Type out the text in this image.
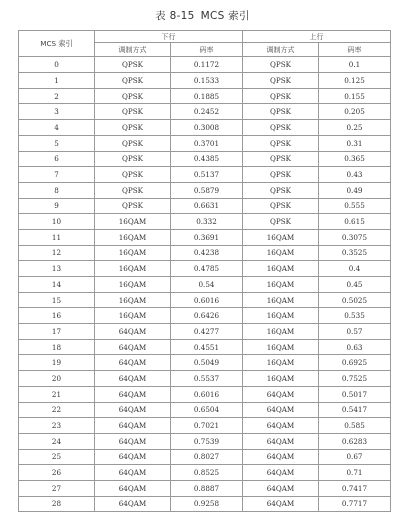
表 8-15 MCS 索引
MCS 索引	下行		上行	
	调制方式	码率	调制方式	码率
0	QPSK	0.1172	QPSK	0.1
1	QPSK	0.1533	QPSK	0.125
2	QPSK	0.1885	QPSK	0.155
3	QPSK	0.2452	QPSK	0.205
4	QPSK	0.3008	QPSK	0.25
5	QPSK	0.3701	QPSK	0.31
6	QPSK	0.4385	QPSK	0.365
7	QPSK	0.5137	QPSK	0.43
8	QPSK	0.5879	QPSK	0.49
9	QPSK	0.6631	QPSK	0.555
10	16QAM	0.332	QPSK	0.615
11	16QAM	0.3691	16QAM	0.3075
12	16QAM	0.4238	16QAM	0.3525
13	16QAM	0.4785	16QAM	0.4
14	16QAM	0.54	16QAM	0.45
15	16QAM	0.6016	16QAM	0.5025
16	16QAM	0.6426	16QAM	0.535
17	64QAM	0.4277	16QAM	0.57
18	64QAM	0.4551	16QAM	0.63
19	64QAM	0.5049	16QAM	0.6925
20	64QAM	0.5537	16QAM	0.7525
21	64QAM	0.6016	64QAM	0.5017
22	64QAM	0.6504	64QAM	0.5417
23	64QAM	0.7021	64QAM	0.585
24	64QAM	0.7539	64QAM	0.6283
25	64QAM	0.8027	64QAM	0.67
26	64QAM	0.8525	64QAM	0.71
27	64QAM	0.8887	64QAM	0.7417
28	64QAM	0.9258	64QAM	0.7717
